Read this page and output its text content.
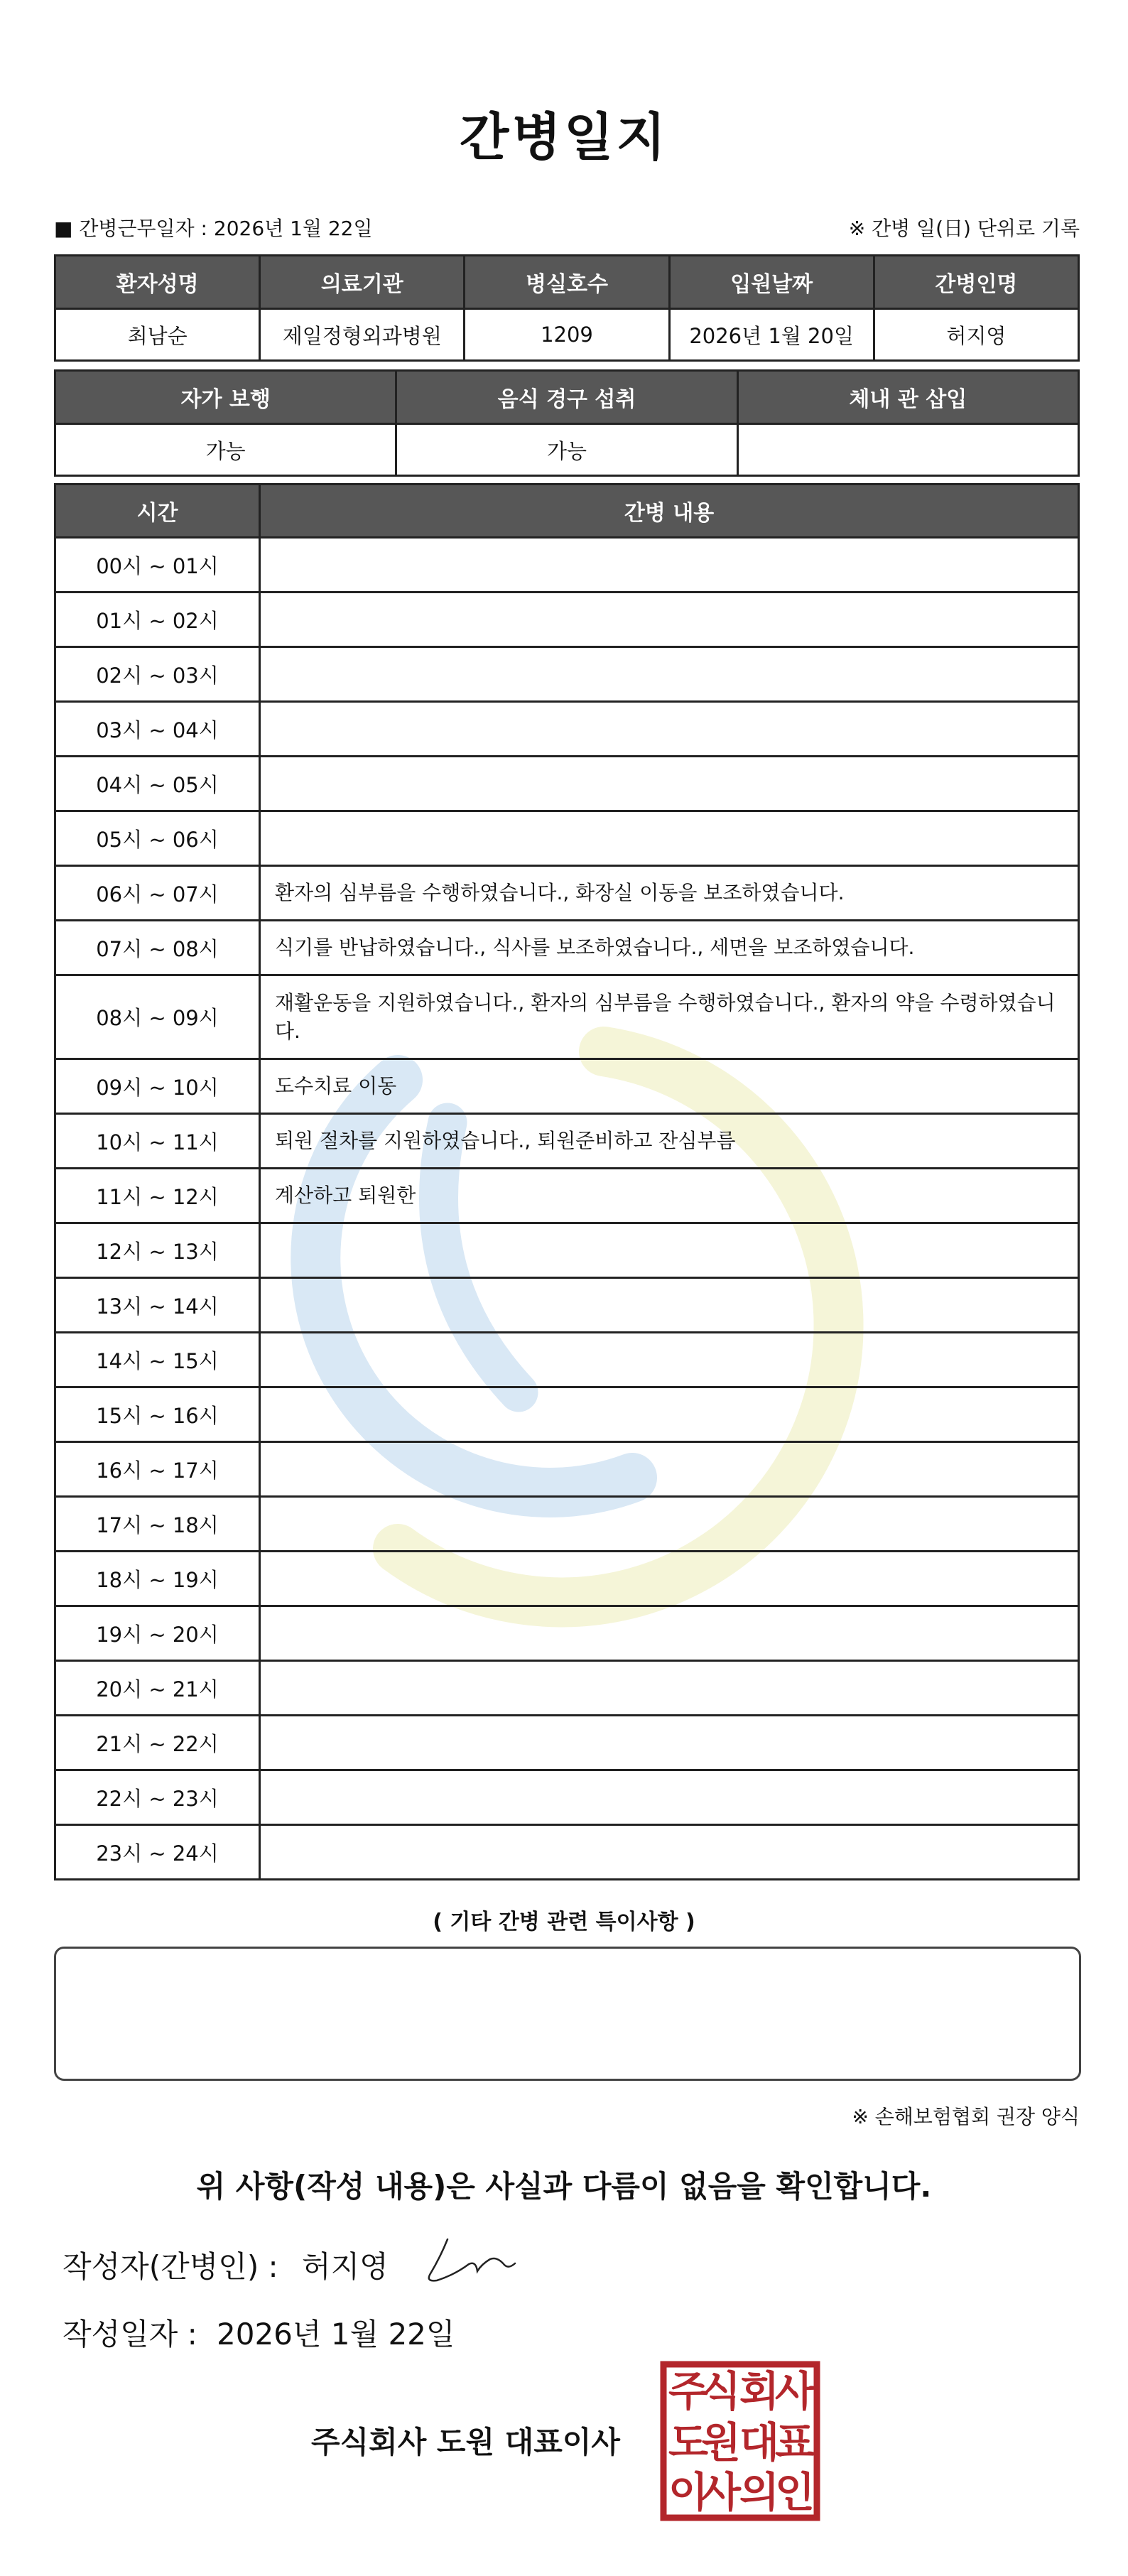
간병일지
■ 간병근무일자 : 2026년 1월 22일	※ 간병 일(日) 단위로 기록
환자성명	의료기관	병실호수	입원날짜	간병인명
최남순	제일정형외과병원	1209	2026년 1월 20일	허지영
자가 보행	음식 경구 섭취	체내 관 삽입
가능	가능	
시간	간병 내용
00시 ~ 01시	
01시 ~ 02시	
02시 ~ 03시	
03시 ~ 04시	
04시 ~ 05시	
05시 ~ 06시	
06시 ~ 07시	환자의 심부름을 수행하였습니다., 화장실 이동을 보조하였습니다.
07시 ~ 08시	식기를 반납하였습니다., 식사를 보조하였습니다., 세면을 보조하였습니다.
08시 ~ 09시	재활운동을 지원하였습니다., 환자의 심부름을 수행하였습니다., 환자의 약을 수령하였습니다.
09시 ~ 10시	도수치료 이동
10시 ~ 11시	퇴원 절차를 지원하였습니다., 퇴원준비하고 잔심부름
11시 ~ 12시	계산하고 퇴원한
12시 ~ 13시	
13시 ~ 14시	
14시 ~ 15시	
15시 ~ 16시	
16시 ~ 17시	
17시 ~ 18시	
18시 ~ 19시	
19시 ~ 20시	
20시 ~ 21시	
21시 ~ 22시	
22시 ~ 23시	
23시 ~ 24시	
( 기타 간병 관련 특이사항 )
※ 손해보험협회 권장 양식
위 사항(작성 내용)은 사실과 다름이 없음을 확인합니다.
작성자(간병인) : 허지영
작성일자 : 2026년 1월 22일
주식회사 도원 대표이사
주
식
회
사
도
원
대
표
이
사
의
인
